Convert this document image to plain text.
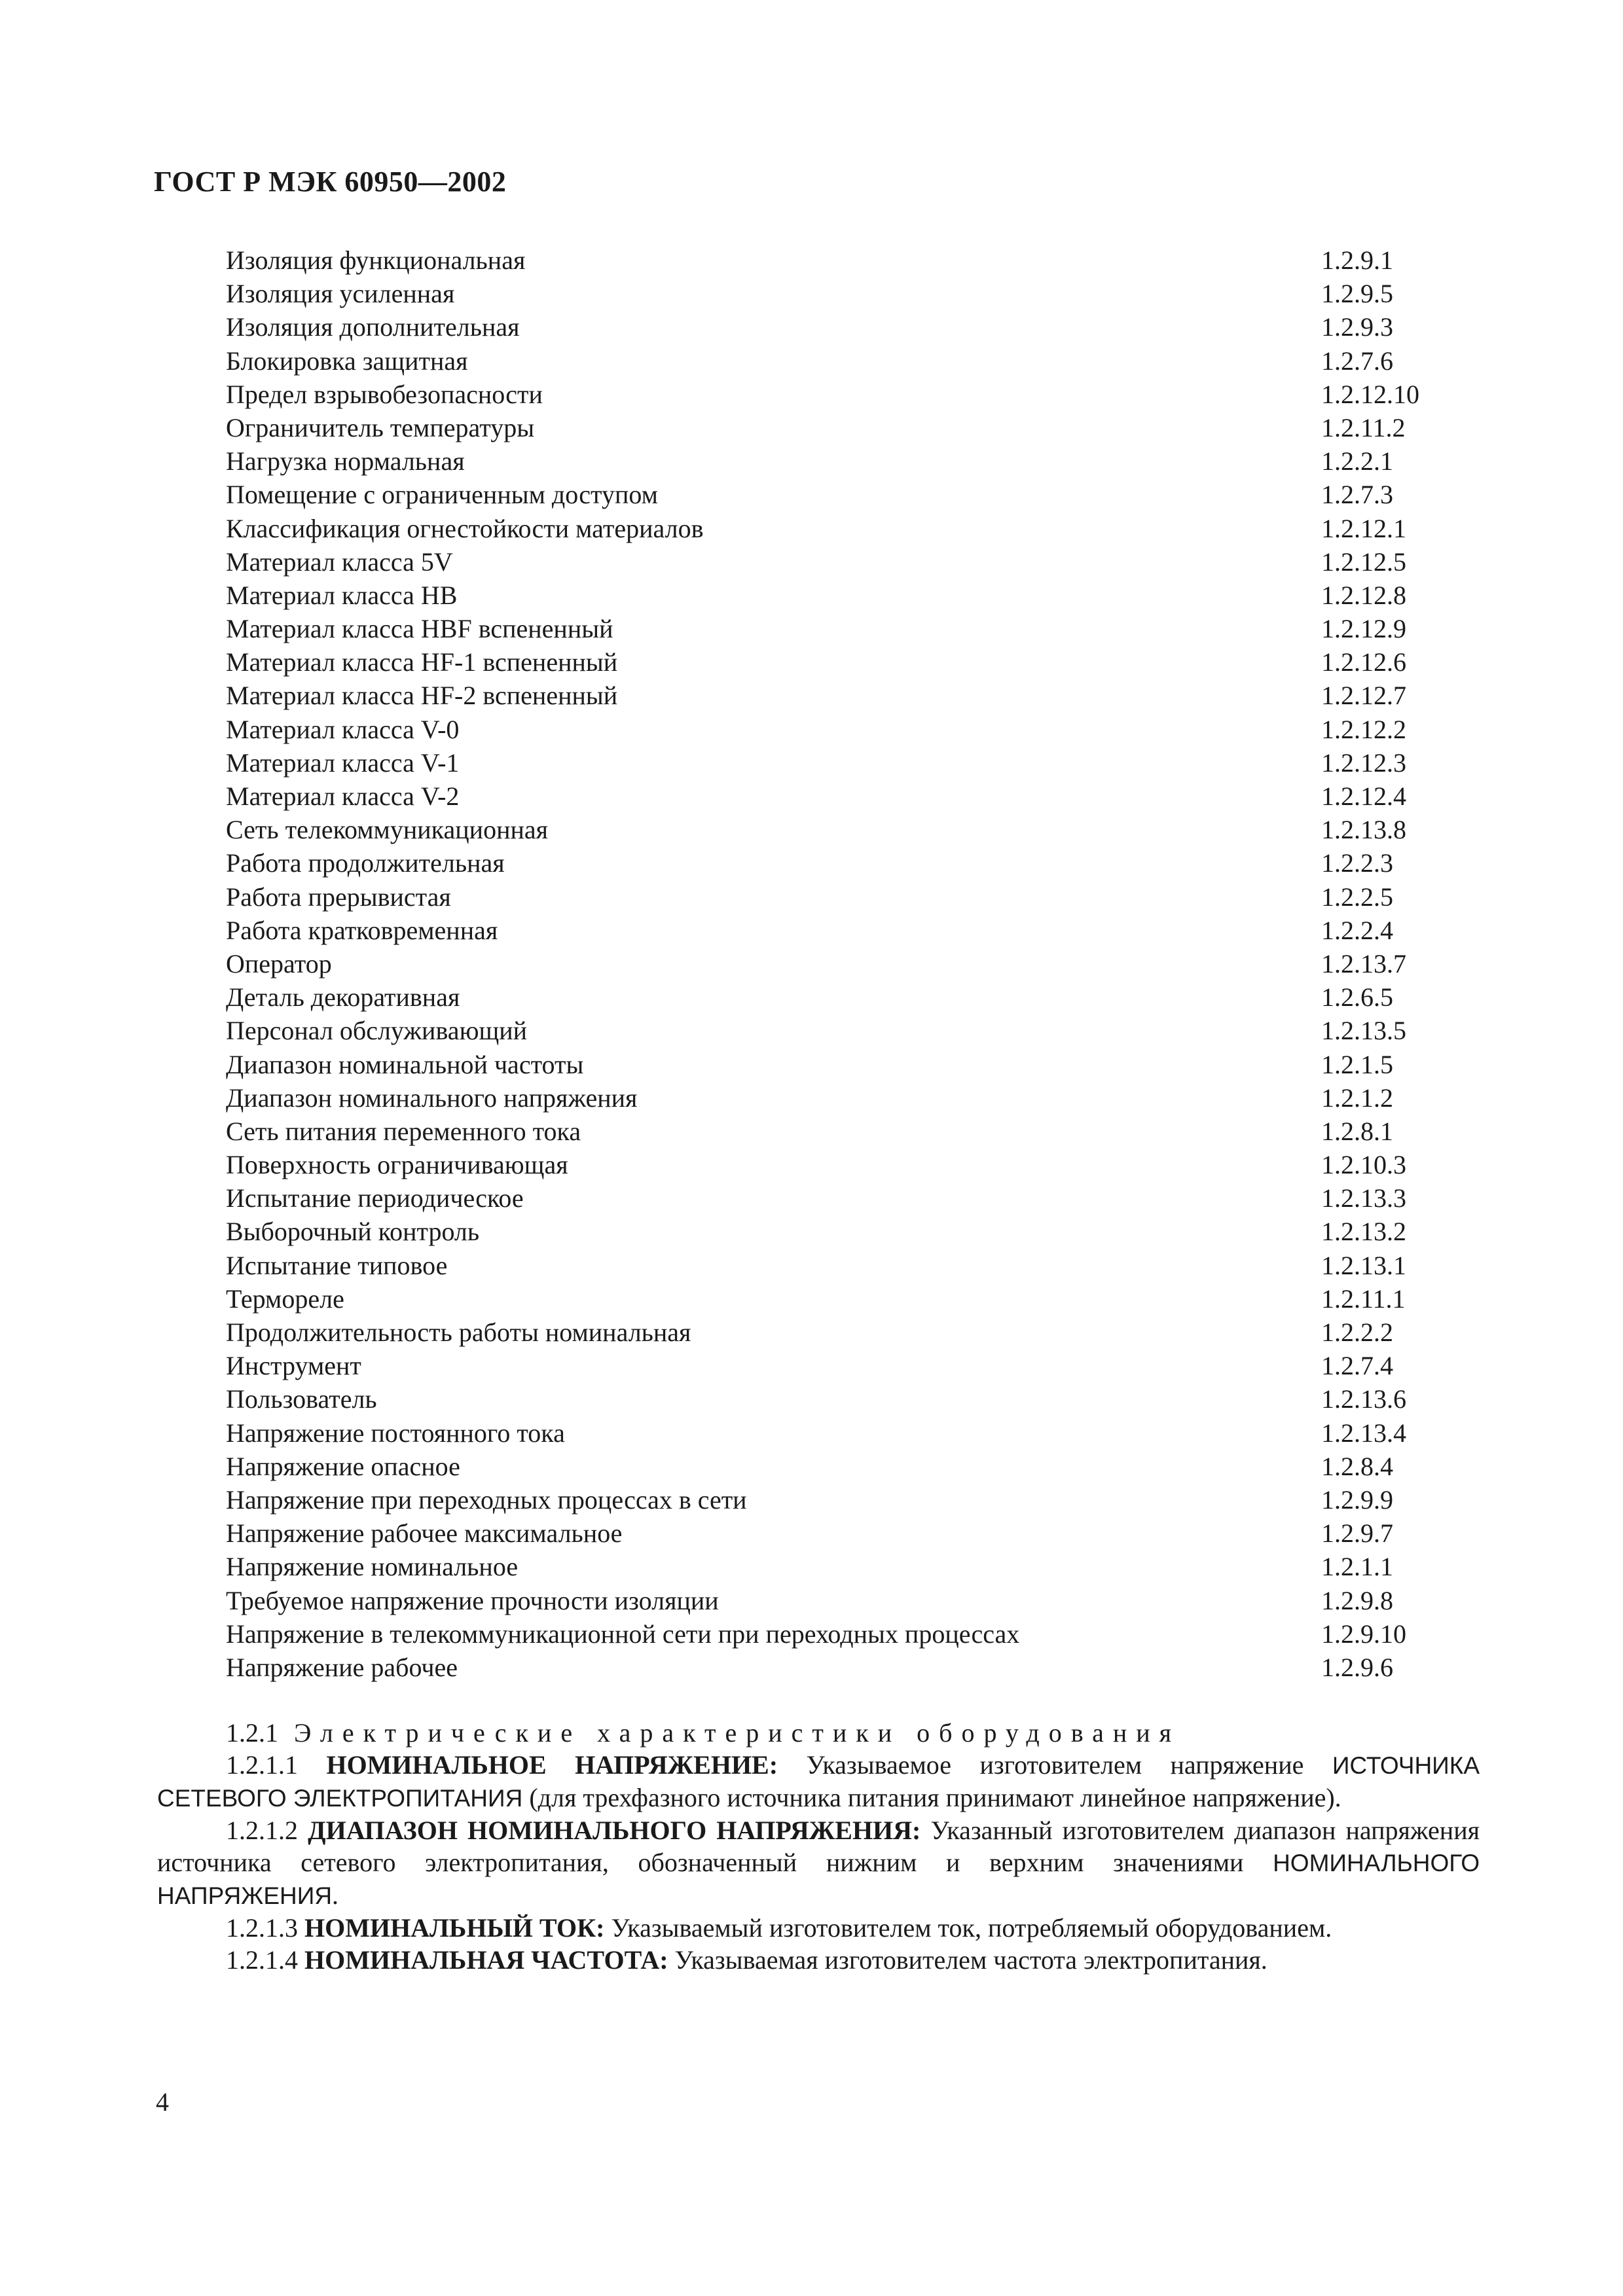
ГОСТ Р МЭК 60950—2002
Изоляция функциональная	1.2.9.1
Изоляция усиленная	1.2.9.5
Изоляция дополнительная	1.2.9.3
Блокировка защитная	1.2.7.6
Предел взрывобезопасности	1.2.12.10
Ограничитель температуры	1.2.11.2
Нагрузка нормальная	1.2.2.1
Помещение с ограниченным доступом	1.2.7.3
Классификация огнестойкости материалов	1.2.12.1
Материал класса 5V	1.2.12.5
Материал класса HB	1.2.12.8
Материал класса HBF вспененный	1.2.12.9
Материал класса HF-1 вспененный	1.2.12.6
Материал класса HF-2 вспененный	1.2.12.7
Материал класса V-0	1.2.12.2
Материал класса V-1	1.2.12.3
Материал класса V-2	1.2.12.4
Сеть телекоммуникационная	1.2.13.8
Работа продолжительная	1.2.2.3
Работа прерывистая	1.2.2.5
Работа кратковременная	1.2.2.4
Оператор	1.2.13.7
Деталь декоративная	1.2.6.5
Персонал обслуживающий	1.2.13.5
Диапазон номинальной частоты	1.2.1.5
Диапазон номинального напряжения	1.2.1.2
Сеть питания переменного тока	1.2.8.1
Поверхность ограничивающая	1.2.10.3
Испытание периодическое	1.2.13.3
Выборочный контроль	1.2.13.2
Испытание типовое	1.2.13.1
Термореле	1.2.11.1
Продолжительность работы номинальная	1.2.2.2
Инструмент	1.2.7.4
Пользователь	1.2.13.6
Напряжение постоянного тока	1.2.13.4
Напряжение опасное	1.2.8.4
Напряжение при переходных процессах в сети	1.2.9.9
Напряжение рабочее максимальное	1.2.9.7
Напряжение номинальное	1.2.1.1
Требуемое напряжение прочности изоляции	1.2.9.8
Напряжение в телекоммуникационной сети при переходных процессах	1.2.9.10
Напряжение рабочее	1.2.9.6

1.2.1 Электрические характеристики оборудования

1.2.1.1 НОМИНАЛЬНОЕ НАПРЯЖЕНИЕ: Указываемое изготовителем напряжение ИСТОЧНИКА СЕТЕВОГО ЭЛЕКТРОПИТАНИЯ (для трехфазного источника питания принимают линейное напряжение).

1.2.1.2 ДИАПАЗОН НОМИНАЛЬНОГО НАПРЯЖЕНИЯ: Указанный изготовителем диапазон напряжения источника сетевого электропитания, обозначенный нижним и верхним значениями НОМИНАЛЬНОГО НАПРЯЖЕНИЯ.

1.2.1.3 НОМИНАЛЬНЫЙ ТОК: Указываемый изготовителем ток, потребляемый оборудованием.

1.2.1.4 НОМИНАЛЬНАЯ ЧАСТОТА: Указываемая изготовителем частота электропитания.

4
